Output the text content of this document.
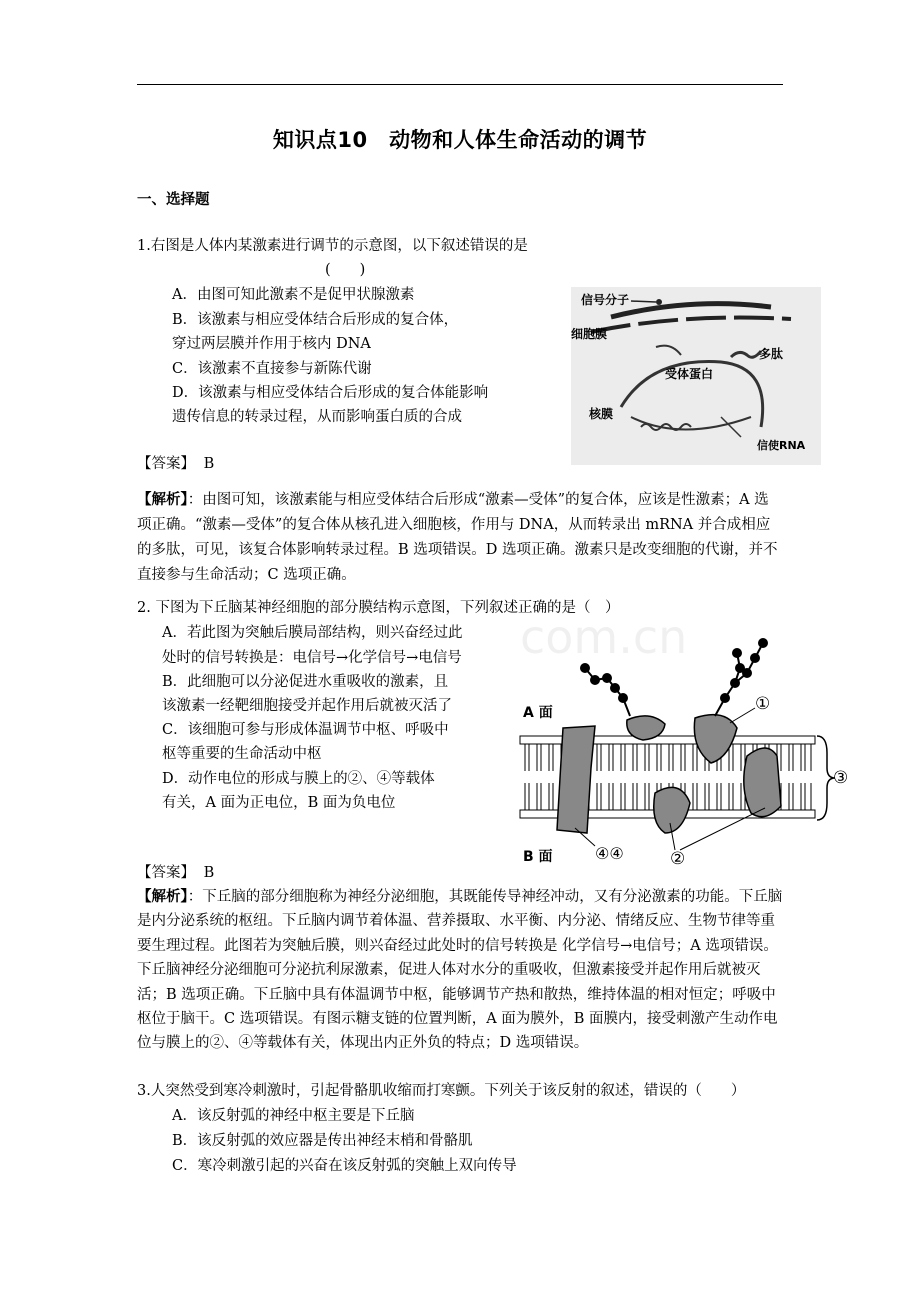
知识点10　动物和人体生命活动的调节
一、选择题
1.右图是人体内某激素进行调节的示意图，以下叙述错误的是
(　　)
A．由图可知此激素不是促甲状腺激素
B．该激素与相应受体结合后形成的复合体，
穿过两层膜并作用于核内 DNA
C．该激素不直接参与新陈代谢
D．该激素与相应受体结合后形成的复合体能影响
遗传信息的转录过程，从而影响蛋白质的合成
信号分子
细胞膜
多肽
受体蛋白
核膜
信使RNA
【答案】 B
【解析】：由图可知，该激素能与相应受体结合后形成“激素—受体”的复合体，应该是性激素；A 选项正确。“激素—受体”的复合体从核孔进入细胞核，作用与 DNA，从而转录出 mRNA 并合成相应的多肽，可见，该复合体影响转录过程。B 选项错误。D 选项正确。激素只是改变细胞的代谢，并不直接参与生命活动；C 选项正确。
2. 下图为下丘脑某神经细胞的部分膜结构示意图，下列叙述正确的是（　）
A．若此图为突触后膜局部结构，则兴奋经过此
处时的信号转换是：电信号→化学信号→电信号
B．此细胞可以分泌促进水重吸收的激素，且
该激素一经靶细胞接受并起作用后就被灭活了
C．该细胞可参与形成体温调节中枢、呼吸中
枢等重要的生命活动中枢
D．动作电位的形成与膜上的②、④等载体
有关，A 面为正电位，B 面为负电位
A 面
B 面
①
②
③
④④
【答案】 B
【解析】：下丘脑的部分细胞称为神经分泌细胞，其既能传导神经冲动，又有分泌激素的功能。下丘脑是内分泌系统的枢纽。下丘脑内调节着体温、营养摄取、水平衡、内分泌、情绪反应、生物节律等重要生理过程。此图若为突触后膜，则兴奋经过此处时的信号转换是 化学信号→电信号；A 选项错误。下丘脑神经分泌细胞可分泌抗利尿激素，促进人体对水分的重吸收，但激素接受并起作用后就被灭活；B 选项正确。下丘脑中具有体温调节中枢，能够调节产热和散热，维持体温的相对恒定；呼吸中枢位于脑干。C 选项错误。有图示糖支链的位置判断，A 面为膜外，B 面膜内，接受刺激产生动作电位与膜上的②、④等载体有关，体现出内正外负的特点；D 选项错误。
3.人突然受到寒冷刺激时，引起骨骼肌收缩而打寒颤。下列关于该反射的叙述，错误的（　　）
A．该反射弧的神经中枢主要是下丘脑
B．该反射弧的效应器是传出神经末梢和骨骼肌
C．寒冷刺激引起的兴奋在该反射弧的突触上双向传导
com.cn
